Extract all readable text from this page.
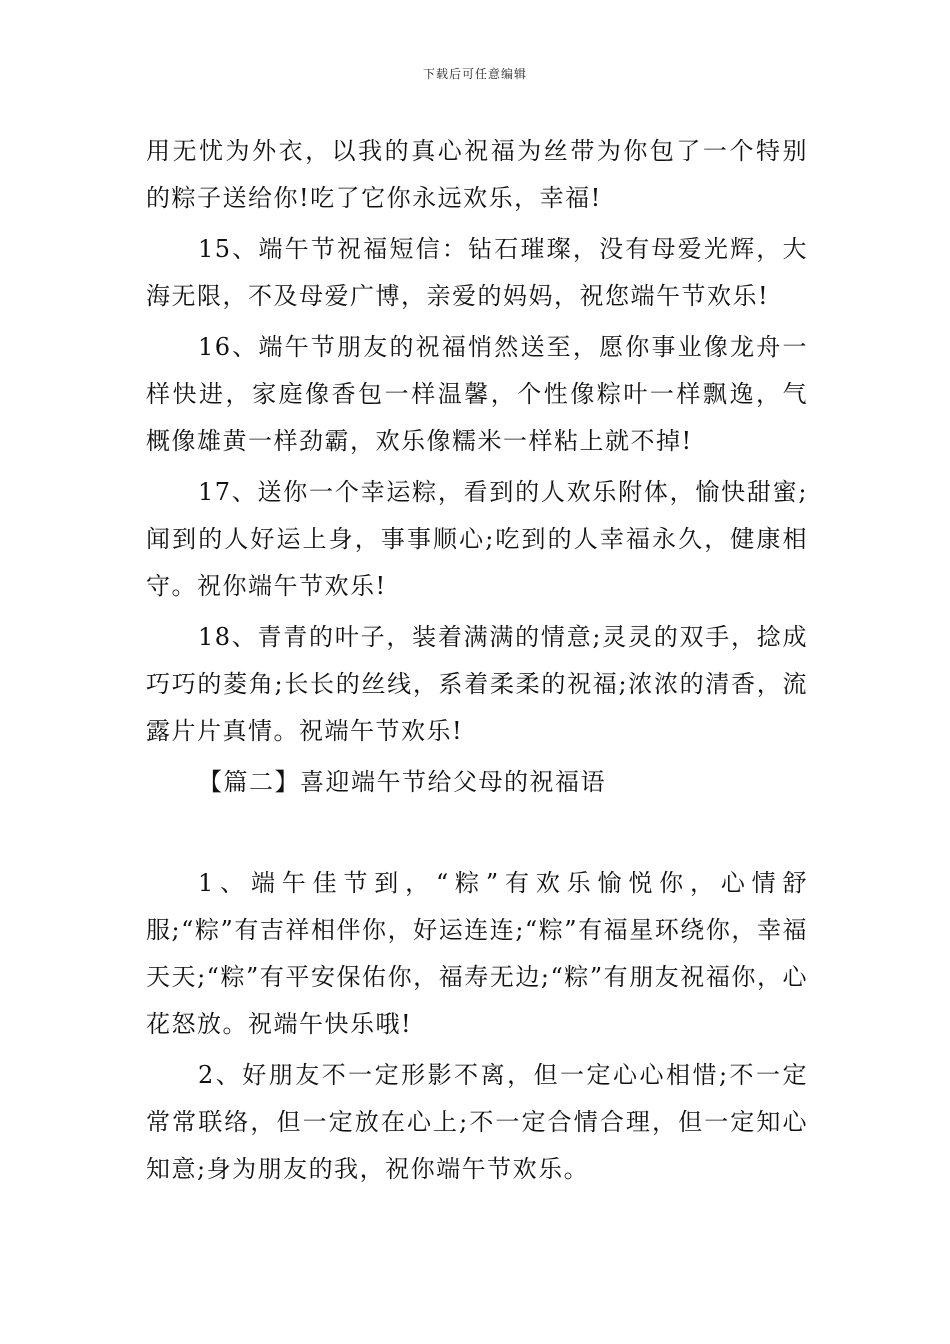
下载后可任意编辑

用无忧为外衣，以我的真心祝福为丝带为你包了一个特别的粽子送给你!吃了它你永远欢乐，幸福!

15、端午节祝福短信：钻石璀璨，没有母爱光辉，大海无限，不及母爱广博，亲爱的妈妈，祝您端午节欢乐!

16、端午节朋友的祝福悄然送至，愿你事业像龙舟一样快进，家庭像香包一样温馨，个性像粽叶一样飘逸，气概像雄黄一样劲霸，欢乐像糯米一样粘上就不掉!

17、送你一个幸运粽，看到的人欢乐附体，愉快甜蜜;闻到的人好运上身，事事顺心;吃到的人幸福永久，健康相守。祝你端午节欢乐!

18、青青的叶子，装着满满的情意;灵灵的双手，捻成巧巧的菱角;长长的丝线，系着柔柔的祝福;浓浓的清香，流露片片真情。祝端午节欢乐!

【篇二】喜迎端午节给父母的祝福语

1、端午佳节到，“粽”有欢乐愉悦你，心情舒服;“粽”有吉祥相伴你，好运连连;“粽”有福星环绕你，幸福天天;“粽”有平安保佑你，福寿无边;“粽”有朋友祝福你，心花怒放。祝端午快乐哦!

2、好朋友不一定形影不离，但一定心心相惜;不一定常常联络，但一定放在心上;不一定合情合理，但一定知心知意;身为朋友的我，祝你端午节欢乐。
